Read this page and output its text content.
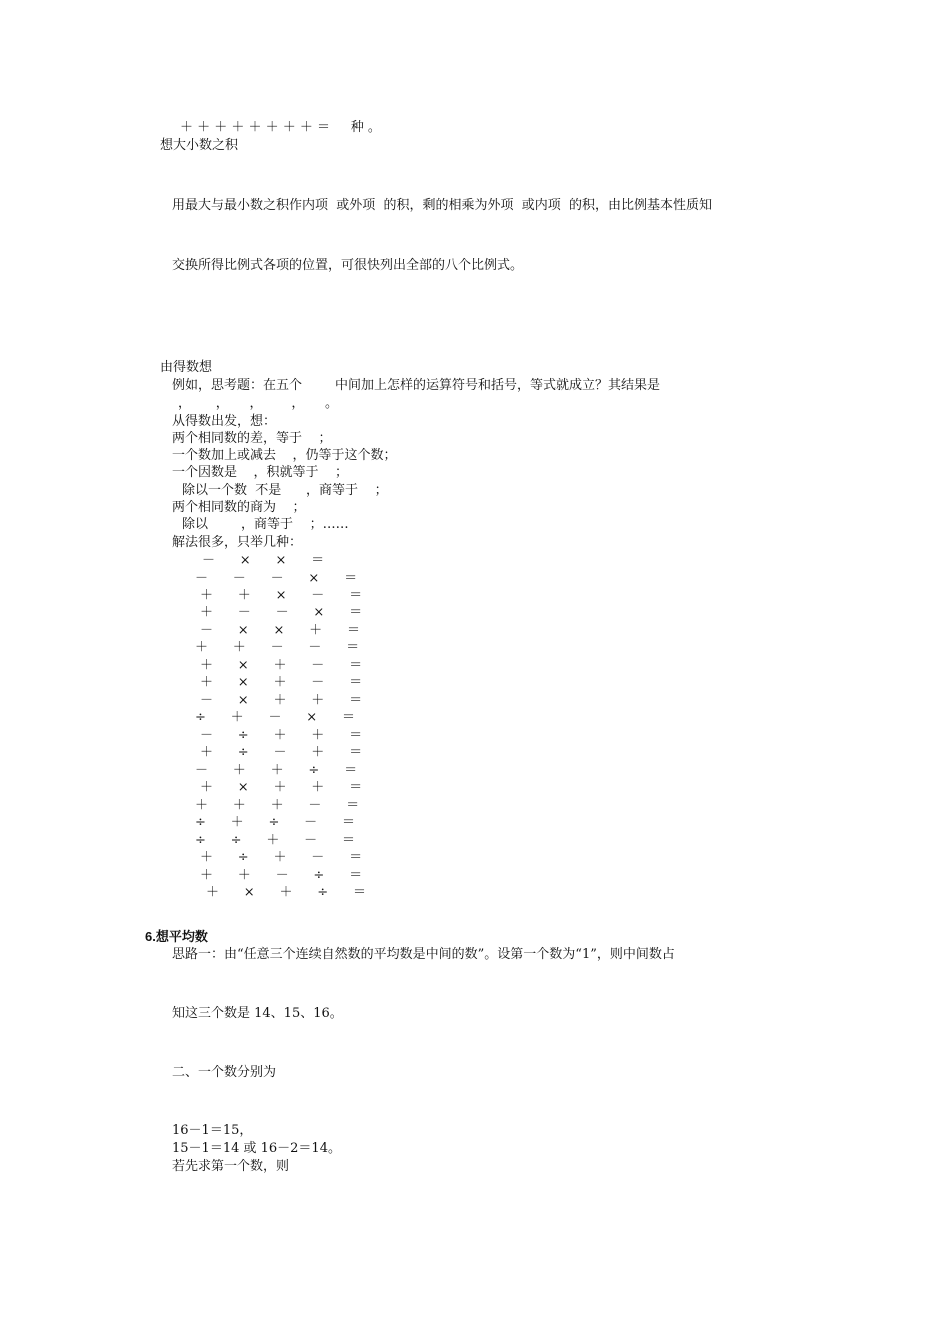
＋ ＋ ＋ ＋ ＋ ＋ ＋ ＋ ＝     种 。
想大小数之积
用最大与最小数之积作内项  或外项  的积，剩的相乘为外项  或内项  的积，由比例基本性质知
交换所得比例式各项的位置，可很快列出全部的八个比例式。
由得数想
例如，思考题：在五个        中间加上怎样的运算符号和括号，等式就成立？其结果是
，      ，     ，       ，     。
从得数出发，想：
两个相同数的差，等于    ；
一个数加上或减去    ，仍等于这个数；
一个因数是    ，积就等于    ；
除以一个数  不是      ，商等于    ；
两个相同数的商为    ；
除以        ，商等于    ；……
解法很多，只举几种：
－      ×      ×      ＝
－      －      －      ×      ＝
＋      ＋      ×      －      ＝
＋      －      －      ×      ＝
－      ×      ×      ＋      ＝
＋      ＋      －      －      ＝
＋      ×      ＋      －      ＝
＋      ×      ＋      －      ＝
－      ×      ＋      ＋      ＝
÷      ＋      －      ×      ＝
－      ÷      ＋      ＋      ＝
＋      ÷      －      ＋      ＝
－      ＋      ＋      ÷      ＝
＋      ×      ＋      ＋      ＝
＋      ＋      ＋      －      ＝
÷      ＋      ÷      －      ＝
÷      ÷      ＋      －      ＝
＋      ÷      ＋      －      ＝
＋      ＋      －      ÷      ＝
＋      ×      ＋      ÷      ＝
6.想平均数
思路一：由“任意三个连续自然数的平均数是中间的数”。设第一个数为“1”，则中间数占
知这三个数是 14、15、16。
二、一个数分别为
16－1＝15，
15－1＝14 或 16－2＝14。
若先求第一个数，则
